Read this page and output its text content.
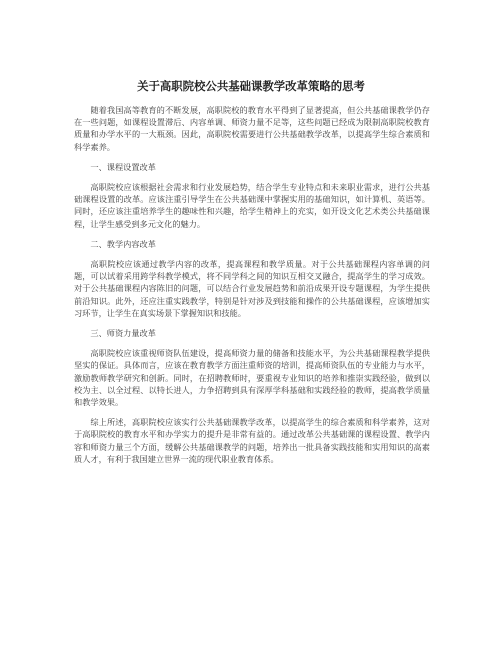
关于高职院校公共基础课教学改革策略的思考

随着我国高等教育的不断发展，高职院校的教育水平得到了显著提高，但公共基础课教学仍存在一些问题，如课程设置滞后、内容单调、师资力量不足等，这些问题已经成为限制高职院校教育质量和办学水平的一大瓶颈。因此，高职院校需要进行公共基础教学改革，以提高学生综合素质和科学素养。

一、课程设置改革

高职院校应该根据社会需求和行业发展趋势，结合学生专业特点和未来职业需求，进行公共基础课程设置的改革。应该注重引导学生在公共基础课中掌握实用的基础知识，如计算机、英语等。同时，还应该注重培养学生的趣味性和兴趣，给学生精神上的充实，如开设文化艺术类公共基础课程，让学生感受到多元文化的魅力。

二、教学内容改革

高职院校应该通过教学内容的改革，提高课程和教学质量。对于公共基础课程内容单调的问题，可以试着采用跨学科教学模式，将不同学科之间的知识互相交叉融合，提高学生的学习成效。对于公共基础课程内容陈旧的问题，可以结合行业发展趋势和前沿成果开设专题课程，为学生提供前沿知识。此外，还应注重实践教学，特别是针对涉及到技能和操作的公共基础课程，应该增加实习环节，让学生在真实场景下掌握知识和技能。

三、师资力量改革

高职院校应该重视师资队伍建设，提高师资力量的储备和技能水平，为公共基础课程教学提供坚实的保证。具体而言，应该在教育教学方面注重师资的培训，提高师资队伍的专业能力与水平，激励教师教学研究和创新。同时，在招聘教师时，要重视专业知识的培养和推崇实践经验，做到以校为主、以全过程、以特长进人，力争招聘到具有深厚学科基础和实践经验的教师，提高教学质量和教学效果。

综上所述，高职院校应该实行公共基础课教学改革，以提高学生的综合素质和科学素养，这对于高职院校的教育水平和办学实力的提升是非常有益的。通过改革公共基础课的课程设置、教学内容和师资力量三个方面，缓解公共基础课教学的问题，培养出一批具备实践技能和实用知识的高素质人才，有利于我国建立世界一流的现代职业教育体系。
